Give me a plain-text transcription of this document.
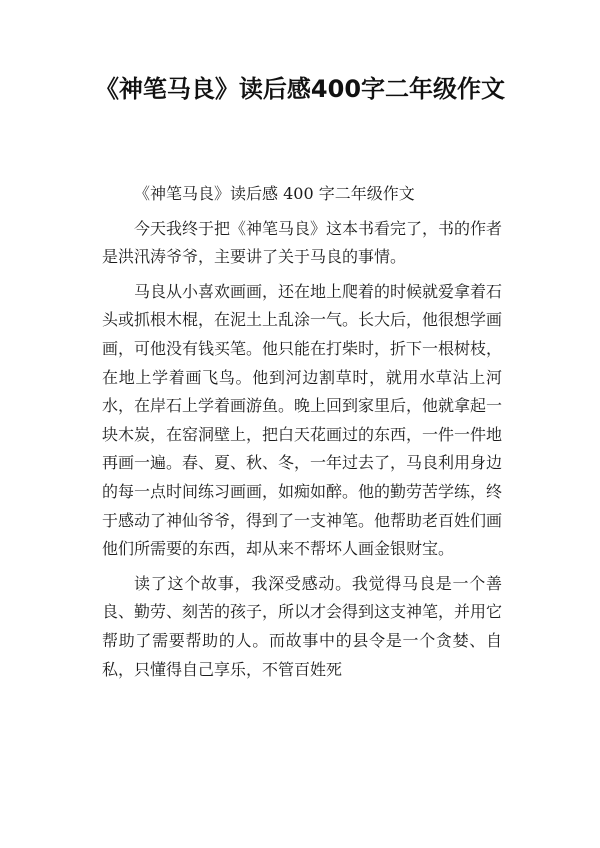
《神笔马良》读后感400字二年级作文

《神笔马良》读后感 400 字二年级作文

今天我终于把《神笔马良》这本书看完了，书的作者是洪汛涛爷爷，主要讲了关于马良的事情。

马良从小喜欢画画，还在地上爬着的时候就爱拿着石头或抓根木棍，在泥土上乱涂一气。长大后，他很想学画画，可他没有钱买笔。他只能在打柴时，折下一根树枝，在地上学着画飞鸟。他到河边割草时，就用水草沾上河水，在岸石上学着画游鱼。晚上回到家里后，他就拿起一块木炭，在窑洞壁上，把白天花画过的东西，一件一件地再画一遍。春、夏、秋、冬，一年过去了，马良利用身边的每一点时间练习画画，如痴如醉。他的勤劳苦学练，终于感动了神仙爷爷，得到了一支神笔。他帮助老百姓们画他们所需要的东西，却从来不帮坏人画金银财宝。

读了这个故事，我深受感动。我觉得马良是一个善良、勤劳、刻苦的孩子，所以才会得到这支神笔，并用它帮助了需要帮助的人。而故事中的县令是一个贪婪、自私，只懂得自己享乐，不管百姓死
